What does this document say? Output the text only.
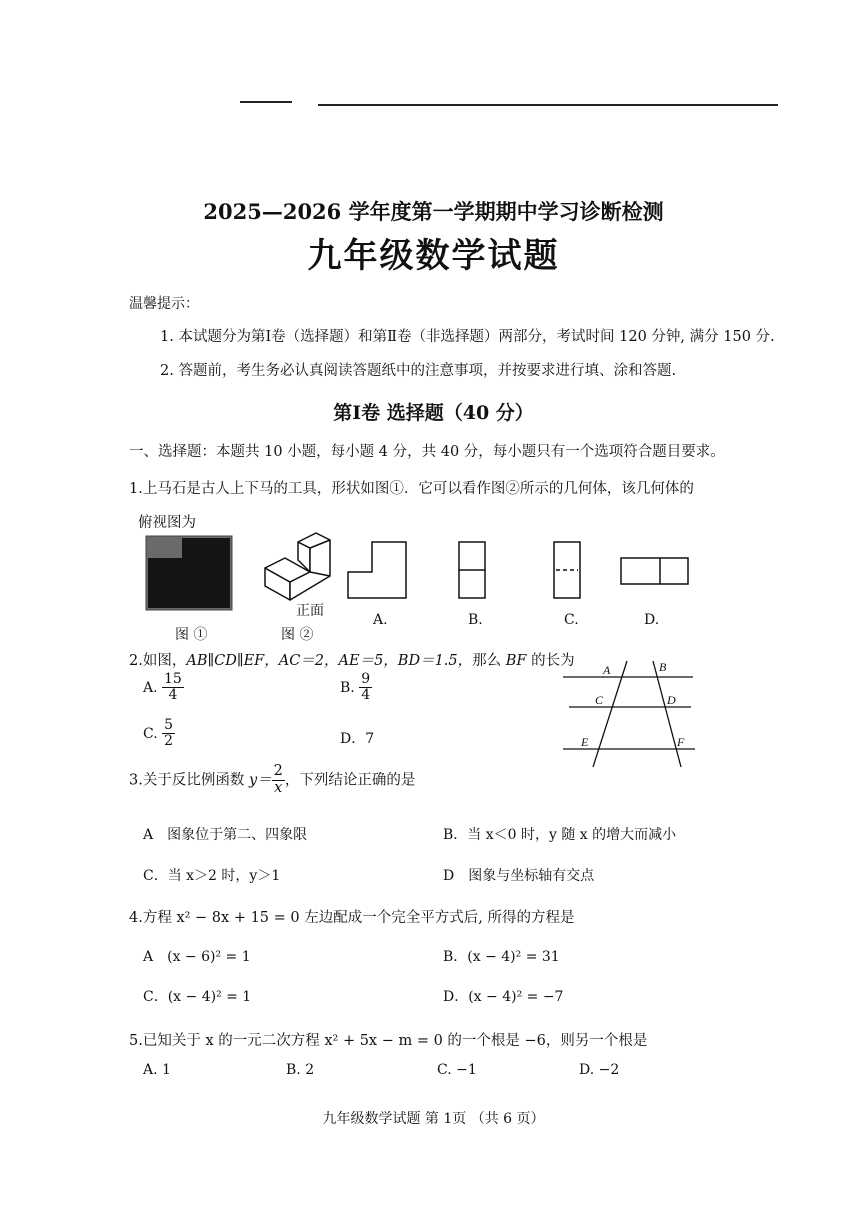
2025—2026 学年度第一学期期中学习诊断检测
九年级数学试题
温馨提示：
1. 本试题分为第Ⅰ卷（选择题）和第Ⅱ卷（非选择题）两部分，考试时间 120 分钟, 满分 150 分.
2. 答题前，考生务必认真阅读答题纸中的注意事项，并按要求进行填、涂和答题.
第Ⅰ卷 选择题（40 分）
一、选择题：本题共 10 小题，每小题 4 分，共 40 分，每小题只有一个选项符合题目要求。
1.上马石是古人上下马的工具，形状如图①．它可以看作图②所示的几何体，该几何体的
俯视图为
正面
图 ①	图 ②
A.	B.	C.	D.
2.如图，AB∥CD∥EF，AC＝2，AE＝5，BD＝1.5，那么 BF 的长为
A. $\frac{15}{4}$	B. $\frac{9}{4}$
C. $\frac{5}{2}$	D．7
A	B
C	D
E	F
3.关于反比例函数 $y= \frac{2}{x}$ ，下列结论正确的是
A　图象位于第二、四象限	B．当 x＜0 时，y 随 x 的增大而减小
C．当 x＞2 时，y＞1	D　图象与坐标轴有交点
4.方程 x² − 8x + 15 = 0 左边配成一个完全平方式后, 所得的方程是
A　(x − 6)² = 1	B．(x − 4)² = 31
C．(x − 4)² = 1	D．(x − 4)² = −7
5.已知关于 x 的一元二次方程 x² + 5x − m = 0 的一个根是 −6，则另一个根是
A. 1	B. 2	C. −1	D. −2
九年级数学试题 第 1页 （共 6 页）
